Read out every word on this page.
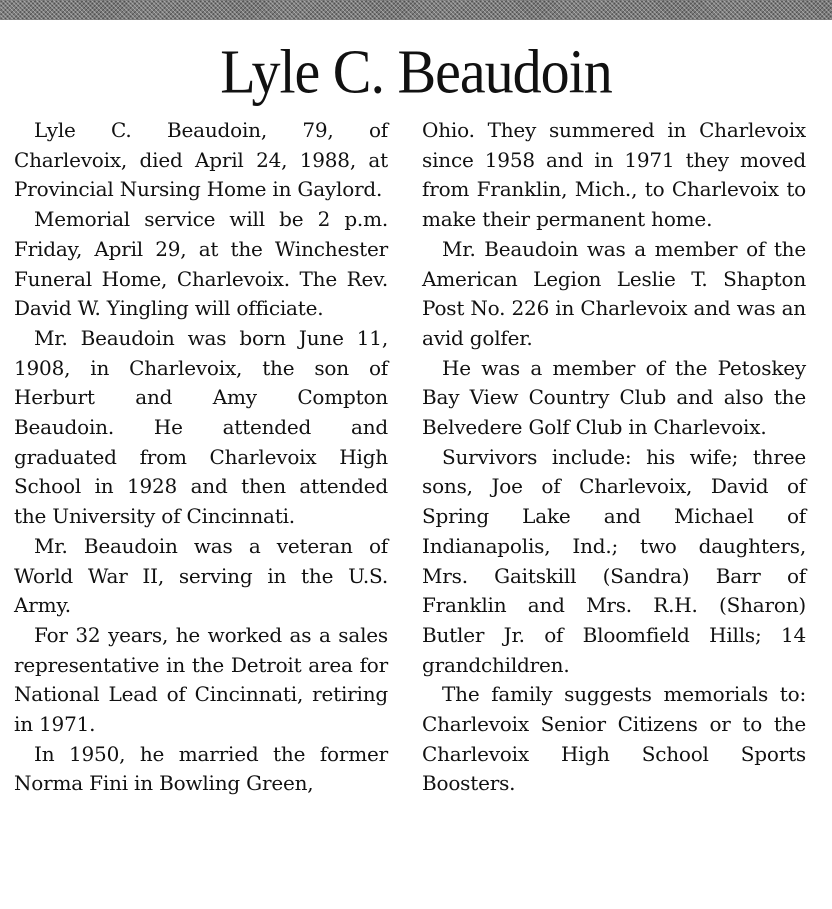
Lyle C. Beaudoin

Lyle C. Beaudoin, 79, of Charlevoix, died April 24, 1988, at Provincial Nursing Home in Gaylord.

Memorial service will be 2 p.m. Friday, April 29, at the Winchester Funeral Home, Charlevoix. The Rev. David W. Yingling will officiate.

Mr. Beaudoin was born June 11, 1908, in Charlevoix, the son of Herburt and Amy Compton Beaudoin. He attended and graduated from Charlevoix High School in 1928 and then attended the University of Cincinnati.

Mr. Beaudoin was a veteran of World War II, serving in the U.S. Army.

For 32 years, he worked as a sales representative in the Detroit area for National Lead of Cincinnati, retiring in 1971.

In 1950, he married the former Norma Fini in Bowling Green,

Ohio. They summered in Charlevoix since 1958 and in 1971 they moved from Franklin, Mich., to Charlevoix to make their permanent home.

Mr. Beaudoin was a member of the American Legion Leslie T. Shapton Post No. 226 in Charlevoix and was an avid golfer.

He was a member of the Petoskey Bay View Country Club and also the Belvedere Golf Club in Charlevoix.

Survivors include: his wife; three sons, Joe of Charlevoix, David of Spring Lake and Michael of Indianapolis, Ind.; two daughters, Mrs. Gaitskill (Sandra) Barr of Franklin and Mrs. R.H. (Sharon) Butler Jr. of Bloomfield Hills; 14 grandchildren.

The family suggests memorials to: Charlevoix Senior Citizens or to the Charlevoix High School Sports Boosters.
